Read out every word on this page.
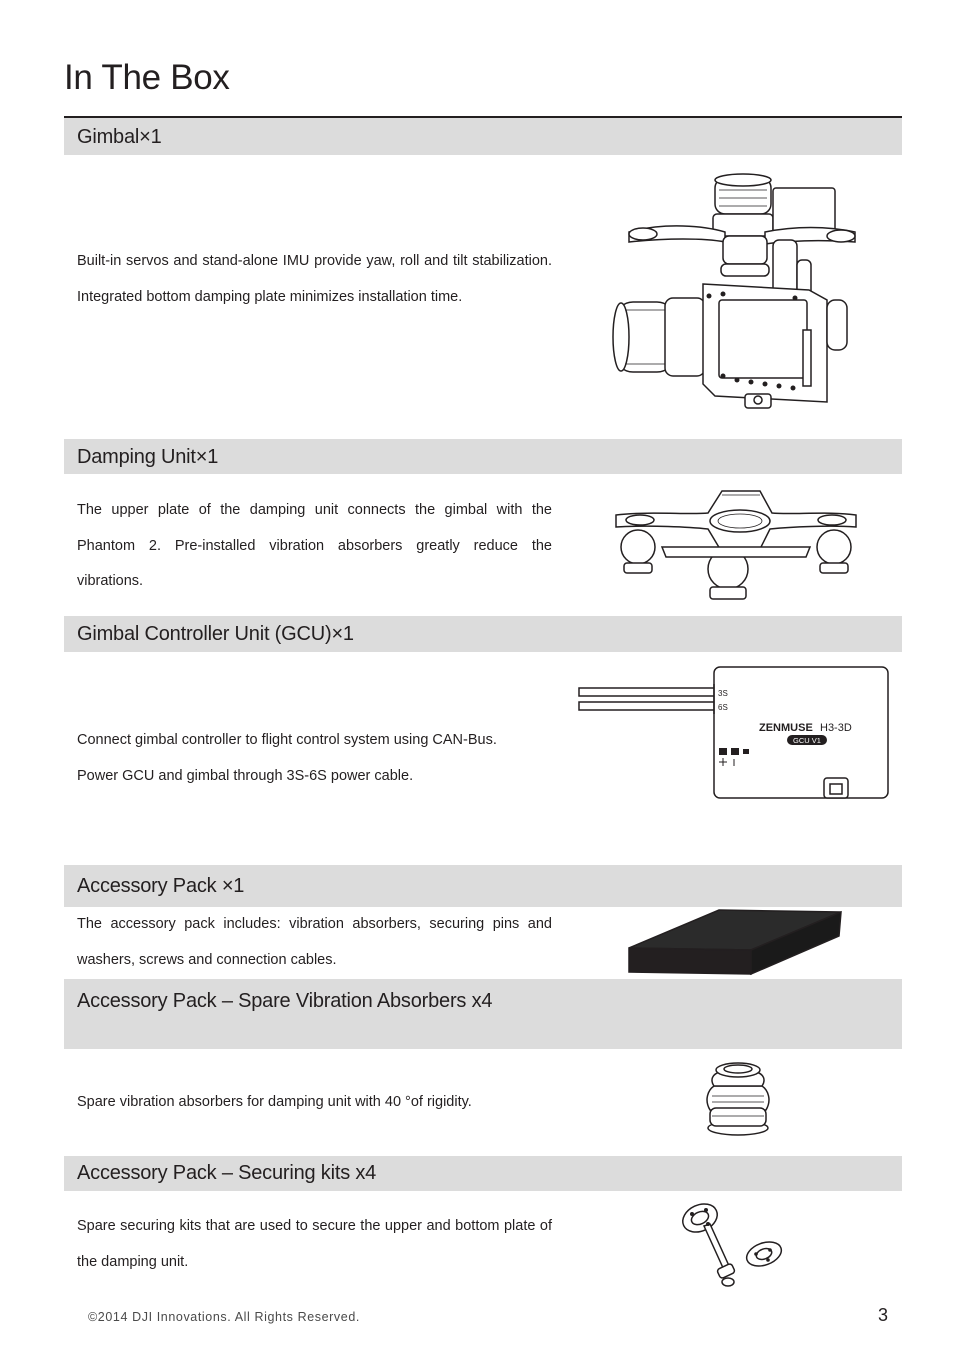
In The Box
Gimbal×1

Built-in servos and stand-alone IMU provide yaw, roll and tilt stabilization. Integrated bottom damping plate minimizes installation time.

Damping Unit×1

The upper plate of the damping unit connects the gimbal with the Phantom 2. Pre-installed vibration absorbers greatly reduce the vibrations.

Gimbal Controller Unit (GCU)×1

Connect gimbal controller to flight control system using CAN-Bus.

Power GCU and gimbal through 3S-6S power cable.

3S
6S
ZENMUSE H3-3D
GCU V1
Accessory Pack ×1

The accessory pack includes: vibration absorbers, securing pins and washers, screws and connection cables.

Accessory Pack – Spare Vibration Absorbers x4

Spare vibration absorbers for damping unit with 40 °of rigidity.

Accessory Pack – Securing kits x4

Spare securing kits that are used to secure the upper and bottom plate of the damping unit.

©2014 DJI Innovations. All Rights Reserved.	3
